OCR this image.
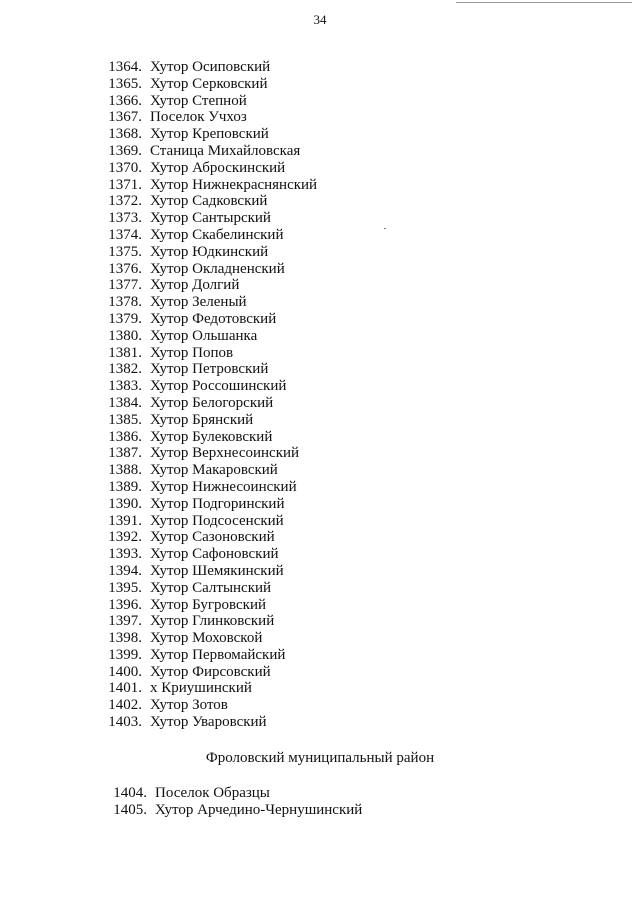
34
1364. Хутор Осиповский
1365. Хутор Серковский
1366. Хутор Степной
1367. Поселок Учхоз
1368. Хутор Креповский
1369. Станица Михайловская
1370. Хутор Аброскинский
1371. Хутор Нижнекраснянский
1372. Хутор Садковский
1373. Хутор Сантырский
1374. Хутор Скабелинский
1375. Хутор Юдкинский
1376. Хутор Окладненский
1377. Хутор Долгий
1378. Хутор Зеленый
1379. Хутор Федотовский
1380. Хутор Ольшанка
1381. Хутор Попов
1382. Хутор Петровский
1383. Хутор Россошинский
1384. Хутор Белогорский
1385. Хутор Брянский
1386. Хутор Булековский
1387. Хутор Верхнесоинский
1388. Хутор Макаровский
1389. Хутор Нижнесоинский
1390. Хутор Подгоринский
1391. Хутор Подсосенский
1392. Хутор Сазоновский
1393. Хутор Сафоновский
1394. Хутор Шемякинский
1395. Хутор Салтынский
1396. Хутор Бугровский
1397. Хутор Глинковский
1398. Хутор Моховской
1399. Хутор Первомайский
1400. Хутор Фирсовский
1401. х Криушинский
1402. Хутор Зотов
1403. Хутор Уваровский
Фроловский муниципальный район
1404. Поселок Образцы
1405. Хутор Арчедино-Чернушинский
